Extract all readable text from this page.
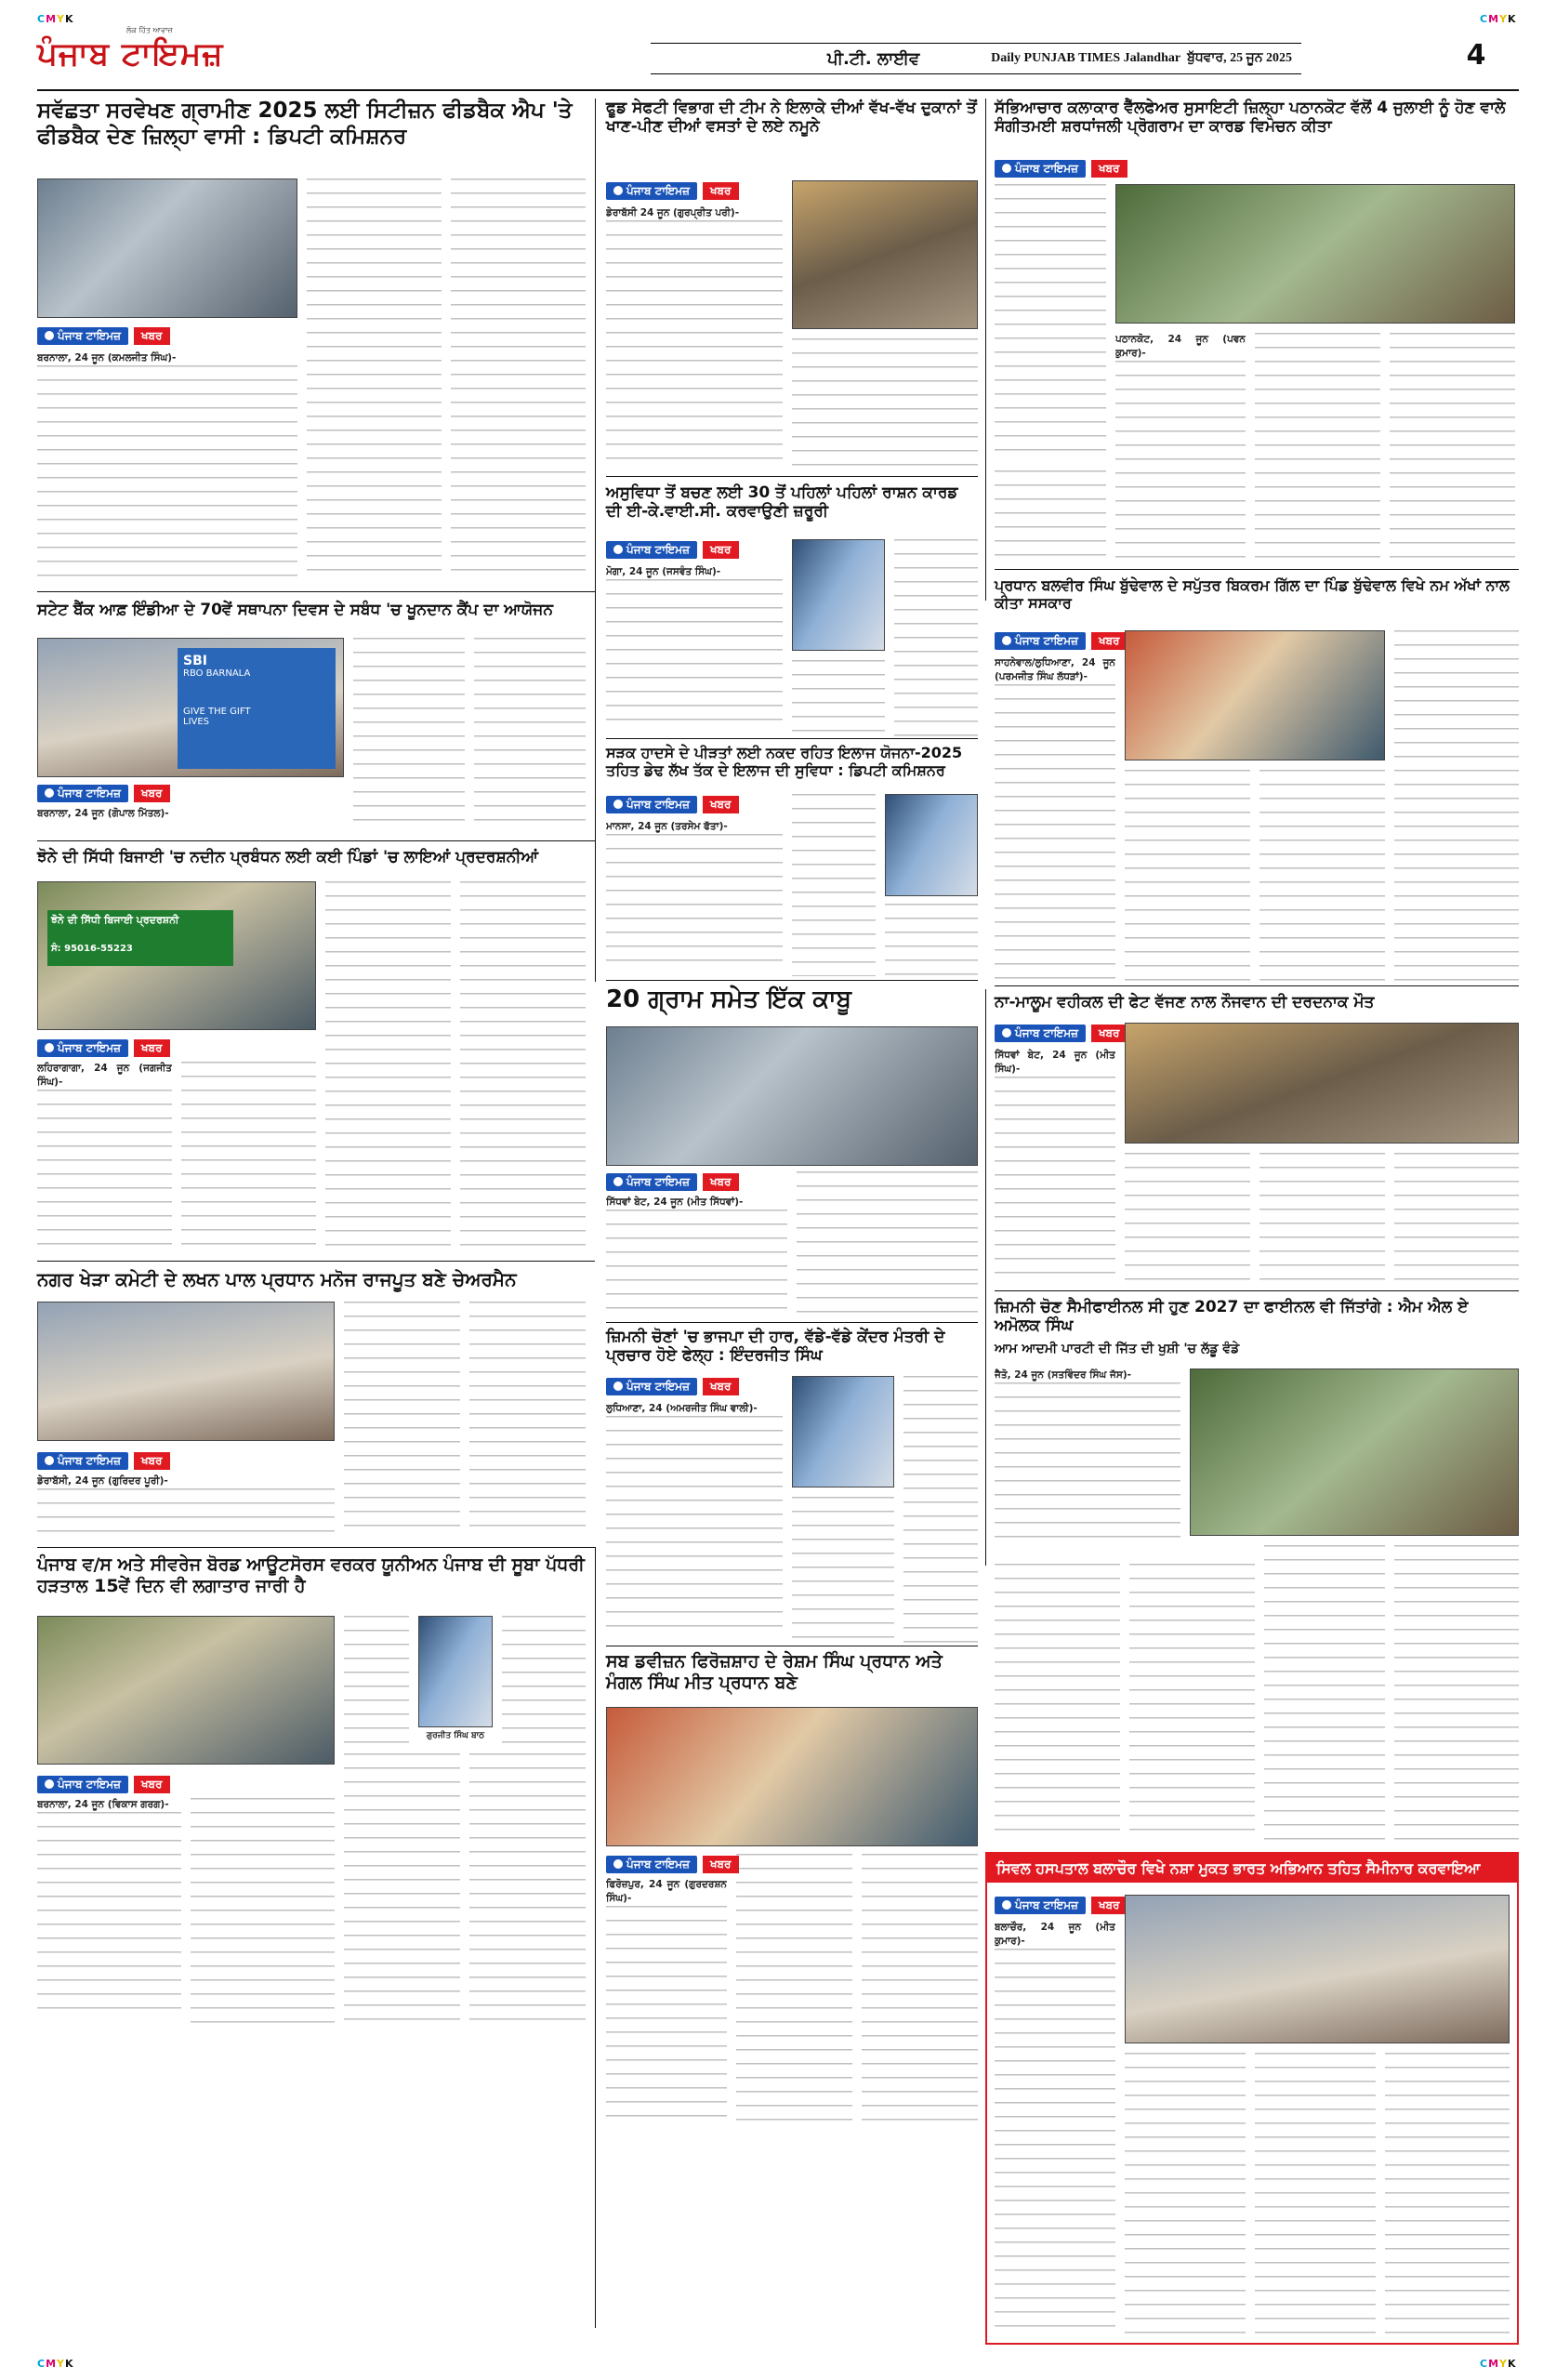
CMYK	CMYK
ਲੋਕ ਹਿੱਤ ਆਵਾਜ਼
ਪੰਜਾਬ ਟਾਇਮਜ਼	ਪੀ.ਟੀ. ਲਾਈਵ	Daily PUNJAB TIMES Jalandhar ਬੁੱਧਵਾਰ, 25 ਜੂਨ 2025	4
ਸਵੱਛਤਾ ਸਰਵੇਖਣ ਗ੍ਰਾਮੀਣ 2025 ਲਈ ਸਿਟੀਜ਼ਨ ਫੀਡਬੈਕ ਐਪ 'ਤੇ ਫੀਡਬੈਕ ਦੇਣ ਜ਼ਿਲ੍ਹਾ ਵਾਸੀ : ਡਿਪਟੀ ਕਮਿਸ਼ਨਰ
ਪੰਜਾਬ ਟਾਇਮਜ਼	ਖਬਰ
ਬਰਨਾਲਾ, 24 ਜੂਨ (ਕਮਲਜੀਤ ਸਿੰਘ)-
ਫੂਡ ਸੇਫਟੀ ਵਿਭਾਗ ਦੀ ਟੀਮ ਨੇ ਇਲਾਕੇ ਦੀਆਂ ਵੱਖ-ਵੱਖ ਦੁਕਾਨਾਂ ਤੋਂ ਖਾਣ-ਪੀਣ ਦੀਆਂ ਵਸਤਾਂ ਦੇ ਲਏ ਨਮੂਨੇ
ਪੰਜਾਬ ਟਾਇਮਜ਼	ਖਬਰ
ਡੇਰਾਬੱਸੀ 24 ਜੂਨ (ਗੁਰਪ੍ਰੀਤ ਪਰੀ)-
ਅਸੁਵਿਧਾ ਤੋਂ ਬਚਣ ਲਈ 30 ਤੋਂ ਪਹਿਲਾਂ ਪਹਿਲਾਂ ਰਾਸ਼ਨ ਕਾਰਡ ਦੀ ਈ-ਕੇ.ਵਾਈ.ਸੀ. ਕਰਵਾਉਣੀ ਜ਼ਰੂਰੀ
ਪੰਜਾਬ ਟਾਇਮਜ਼	ਖਬਰ
ਮੋਗਾ, 24 ਜੂਨ (ਜਸਵੰਤ ਸਿੰਘ)-
ਸੱਭਿਆਚਾਰ ਕਲਾਕਾਰ ਵੈੱਲਫੇਅਰ ਸੁਸਾਇਟੀ ਜ਼ਿਲ੍ਹਾ ਪਠਾਨਕੋਟ ਵੱਲੋਂ 4 ਜੁਲਾਈ ਨੂੰ ਹੋਣ ਵਾਲੇ ਸੰਗੀਤਮਈ ਸ਼ਰਧਾਂਜਲੀ ਪ੍ਰੋਗਰਾਮ ਦਾ ਕਾਰਡ ਵਿਮੋਚਨ ਕੀਤਾ
ਪੰਜਾਬ ਟਾਇਮਜ਼	ਖਬਰ
ਪਠਾਨਕੋਟ, 24 ਜੂਨ (ਪਵਨ ਕੁਮਾਰ)-
ਸਟੇਟ ਬੈਂਕ ਆਫ਼ ਇੰਡੀਆ ਦੇ 70ਵੇਂ ਸਥਾਪਨਾ ਦਿਵਸ ਦੇ ਸਬੰਧ 'ਚ ਖੂਨਦਾਨ ਕੈਂਪ ਦਾ ਆਯੋਜਨ
SBI
RBO BARNALA
GIVE THE GIFT
LIVES
ਪੰਜਾਬ ਟਾਇਮਜ਼	ਖਬਰ
ਬਰਨਾਲਾ, 24 ਜੂਨ (ਗੋਪਾਲ ਮਿੱਤਲ)-
ਸੜਕ ਹਾਦਸੇ ਦੇ ਪੀੜਤਾਂ ਲਈ ਨਕਦ ਰਹਿਤ ਇਲਾਜ ਯੋਜਨਾ-2025 ਤਹਿਤ ਡੇਢ ਲੱਖ ਤੱਕ ਦੇ ਇਲਾਜ ਦੀ ਸੁਵਿਧਾ : ਡਿਪਟੀ ਕਮਿਸ਼ਨਰ
ਪੰਜਾਬ ਟਾਇਮਜ਼	ਖਬਰ
ਮਾਨਸਾ, 24 ਜੂਨ (ਤਰਸੇਮ ਫੱਤਾ)-
ਪ੍ਰਧਾਨ ਬਲਵੀਰ ਸਿੰਘ ਬੁੱਢੇਵਾਲ ਦੇ ਸਪੁੱਤਰ ਬਿਕਰਮ ਗਿੱਲ ਦਾ ਪਿੰਡ ਬੁੱਢੇਵਾਲ ਵਿਖੇ ਨਮ ਅੱਖਾਂ ਨਾਲ ਕੀਤਾ ਸਸਕਾਰ
ਪੰਜਾਬ ਟਾਇਮਜ਼	ਖਬਰ
ਸਾਹਨੇਵਾਲ/ਲੁਧਿਆਣਾ, 24 ਜੂਨ (ਪਰਮਜੀਤ ਸਿੰਘ ਲੱਧੜਾਂ)-
ਝੋਨੇ ਦੀ ਸਿੱਧੀ ਬਿਜਾਈ 'ਚ ਨਦੀਨ ਪ੍ਰਬੰਧਨ ਲਈ ਕਈ ਪਿੰਡਾਂ 'ਚ ਲਾਇਆਂ ਪ੍ਰਦਰਸ਼ਨੀਆਂ
ਝੋਨੇ ਦੀ ਸਿੱਧੀ ਬਿਜਾਈ ਪ੍ਰਦਰਸ਼ਨੀ
ਸੰ: 95016-55223
ਪੰਜਾਬ ਟਾਇਮਜ਼	ਖਬਰ
ਲਹਿਰਾਗਾਗਾ, 24 ਜੂਨ (ਜਗਜੀਤ ਸਿੰਘ)-
20 ਗ੍ਰਾਮ ਸਮੇਤ ਇੱਕ ਕਾਬੂ
ਪੰਜਾਬ ਟਾਇਮਜ਼	ਖਬਰ
ਸਿੱਧਵਾਂ ਬੇਟ, 24 ਜੂਨ (ਮੀਤ ਸਿੱਧਵਾਂ)-
ਨਾ-ਮਾਲੂਮ ਵਹੀਕਲ ਦੀ ਫੇਟ ਵੱਜਣ ਨਾਲ ਨੌਜਵਾਨ ਦੀ ਦਰਦਨਾਕ ਮੌਤ
ਪੰਜਾਬ ਟਾਇਮਜ਼	ਖਬਰ
ਸਿੱਧਵਾਂ ਬੇਟ, 24 ਜੂਨ (ਮੀਤ ਸਿੰਘ)-
ਜ਼ਿਮਨੀ ਚੋਣ ਸੈਮੀਫਾਈਨਲ ਸੀ ਹੁਣ 2027 ਦਾ ਫਾਈਨਲ ਵੀ ਜਿੱਤਾਂਗੇ : ਐਮ ਐਲ ਏ ਅਮੋਲਕ ਸਿੰਘ
ਆਮ ਆਦਮੀ ਪਾਰਟੀ ਦੀ ਜਿੱਤ ਦੀ ਖੁਸ਼ੀ 'ਚ ਲੱਡੂ ਵੰਡੇ
ਜੈਤੋ, 24 ਜੂਨ (ਸਤਵਿੰਦਰ ਸਿੰਘ ਜੱਸ)-
ਨਗਰ ਖੇੜਾ ਕਮੇਟੀ ਦੇ ਲਖਨ ਪਾਲ ਪ੍ਰਧਾਨ ਮਨੋਜ ਰਾਜਪੂਤ ਬਣੇ ਚੇਅਰਮੈਨ
ਪੰਜਾਬ ਟਾਇਮਜ਼	ਖਬਰ
ਡੇਰਾਬੱਸੀ, 24 ਜੂਨ (ਗੁਰਿਦਰ ਪੂਰੀ)-
ਜ਼ਿਮਨੀ ਚੋਣਾਂ 'ਚ ਭਾਜਪਾ ਦੀ ਹਾਰ, ਵੱਡੇ-ਵੱਡੇ ਕੇਂਦਰ ਮੰਤਰੀ ਦੇ ਪ੍ਰਚਾਰ ਹੋਏ ਫੇਲ੍ਹ : ਇੰਦਰਜੀਤ ਸਿੰਘ
ਪੰਜਾਬ ਟਾਇਮਜ਼	ਖਬਰ
ਲੁਧਿਆਣਾ, 24 (ਅਮਰਜੀਤ ਸਿੰਘ ਵਾਲੀ)-
ਪੰਜਾਬ ਵ/ਸ ਅਤੇ ਸੀਵਰੇਜ ਬੋਰਡ ਆਊਟਸੋਰਸ ਵਰਕਰ ਯੂਨੀਅਨ ਪੰਜਾਬ ਦੀ ਸੂਬਾ ਪੱਧਰੀ ਹੜਤਾਲ 15ਵੇਂ ਦਿਨ ਵੀ ਲਗਾਤਾਰ ਜਾਰੀ ਹੈ
ਪੰਜਾਬ ਟਾਇਮਜ਼	ਖਬਰ
ਬਰਨਾਲਾ, 24 ਜੂਨ (ਵਿਕਾਸ ਗਰਗ)-
ਗੁਰਜੀਤ ਸਿੰਘ ਬਾਠ
ਸਬ ਡਵੀਜ਼ਨ ਫਿਰੋਜ਼ਸ਼ਾਹ ਦੇ ਰੇਸ਼ਮ ਸਿੰਘ ਪ੍ਰਧਾਨ ਅਤੇ ਮੰਗਲ ਸਿੰਘ ਮੀਤ ਪ੍ਰਧਾਨ ਬਣੇ
ਪੰਜਾਬ ਟਾਇਮਜ਼	ਖਬਰ
ਫਿਰੋਜ਼ਪੁਰ, 24 ਜੂਨ (ਗੁਰਦਰਸ਼ਨ ਸਿੰਘ)-
ਸਿਵਲ ਹਸਪਤਾਲ ਬਲਾਚੌਰ ਵਿਖੇ ਨਸ਼ਾ ਮੁਕਤ ਭਾਰਤ ਅਭਿਆਨ ਤਹਿਤ ਸੈਮੀਨਾਰ ਕਰਵਾਇਆ
ਪੰਜਾਬ ਟਾਇਮਜ਼	ਖਬਰ
ਬਲਾਚੌਰ, 24 ਜੂਨ (ਮੀਤ ਕੁਮਾਰ)-
CMYK	CMYK
